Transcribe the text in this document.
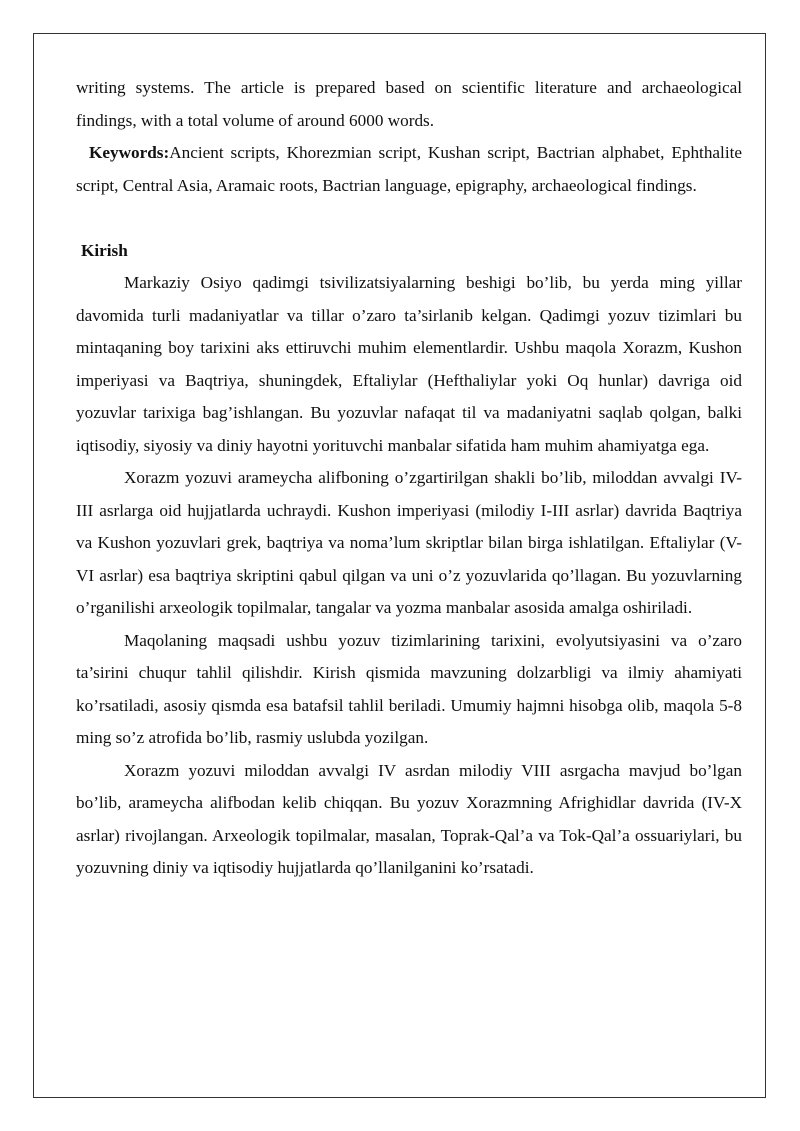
writing systems. The article is prepared based on scientific literature and archaeological findings, with a total volume of around 6000 words.

Keywords:Ancient scripts, Khorezmian script, Kushan script, Bactrian alphabet, Ephthalite script, Central Asia, Aramaic roots, Bactrian language, epigraphy, archaeological findings.

Kirish

Markaziy Osiyo qadimgi tsivilizatsiyalarning beshigi bo’lib, bu yerda ming yillar davomida turli madaniyatlar va tillar o’zaro ta’sirlanib kelgan. Qadimgi yozuv tizimlari bu mintaqaning boy tarixini aks ettiruvchi muhim elementlardir. Ushbu maqola Xorazm, Kushon imperiyasi va Baqtriya, shuningdek, Eftaliylar (Hefthaliylar yoki Oq hunlar) davriga oid yozuvlar tarixiga bag’ishlangan. Bu yozuvlar nafaqat til va madaniyatni saqlab qolgan, balki iqtisodiy, siyosiy va diniy hayotni yorituvchi manbalar sifatida ham muhim ahamiyatga ega.

Xorazm yozuvi arameycha alifboning o’zgartirilgan shakli bo’lib, miloddan avvalgi IV-III asrlarga oid hujjatlarda uchraydi. Kushon imperiyasi (milodiy I-III asrlar) davrida Baqtriya va Kushon yozuvlari grek, baqtriya va noma’lum skriptlar bilan birga ishlatilgan. Eftaliylar (V-VI asrlar) esa baqtriya skriptini qabul qilgan va uni o’z yozuvlarida qo’llagan. Bu yozuvlarning o’rganilishi arxeologik topilmalar, tangalar va yozma manbalar asosida amalga oshiriladi.

Maqolaning maqsadi ushbu yozuv tizimlarining tarixini, evolyutsiyasini va o’zaro ta’sirini chuqur tahlil qilishdir. Kirish qismida mavzuning dolzarbligi va ilmiy ahamiyati ko’rsatiladi, asosiy qismda esa batafsil tahlil beriladi. Umumiy hajmni hisobga olib, maqola 5-8 ming so’z atrofida bo’lib, rasmiy uslubda yozilgan.

Xorazm yozuvi miloddan avvalgi IV asrdan milodiy VIII asrgacha mavjud bo’lgan bo’lib, arameycha alifbodan kelib chiqqan. Bu yozuv Xorazmning Afrighidlar davrida (IV-X asrlar) rivojlangan. Arxeologik topilmalar, masalan, Toprak-Qal’a va Tok-Qal’a ossuariylari, bu yozuvning diniy va iqtisodiy hujjatlarda qo’llanilganini ko’rsatadi.
